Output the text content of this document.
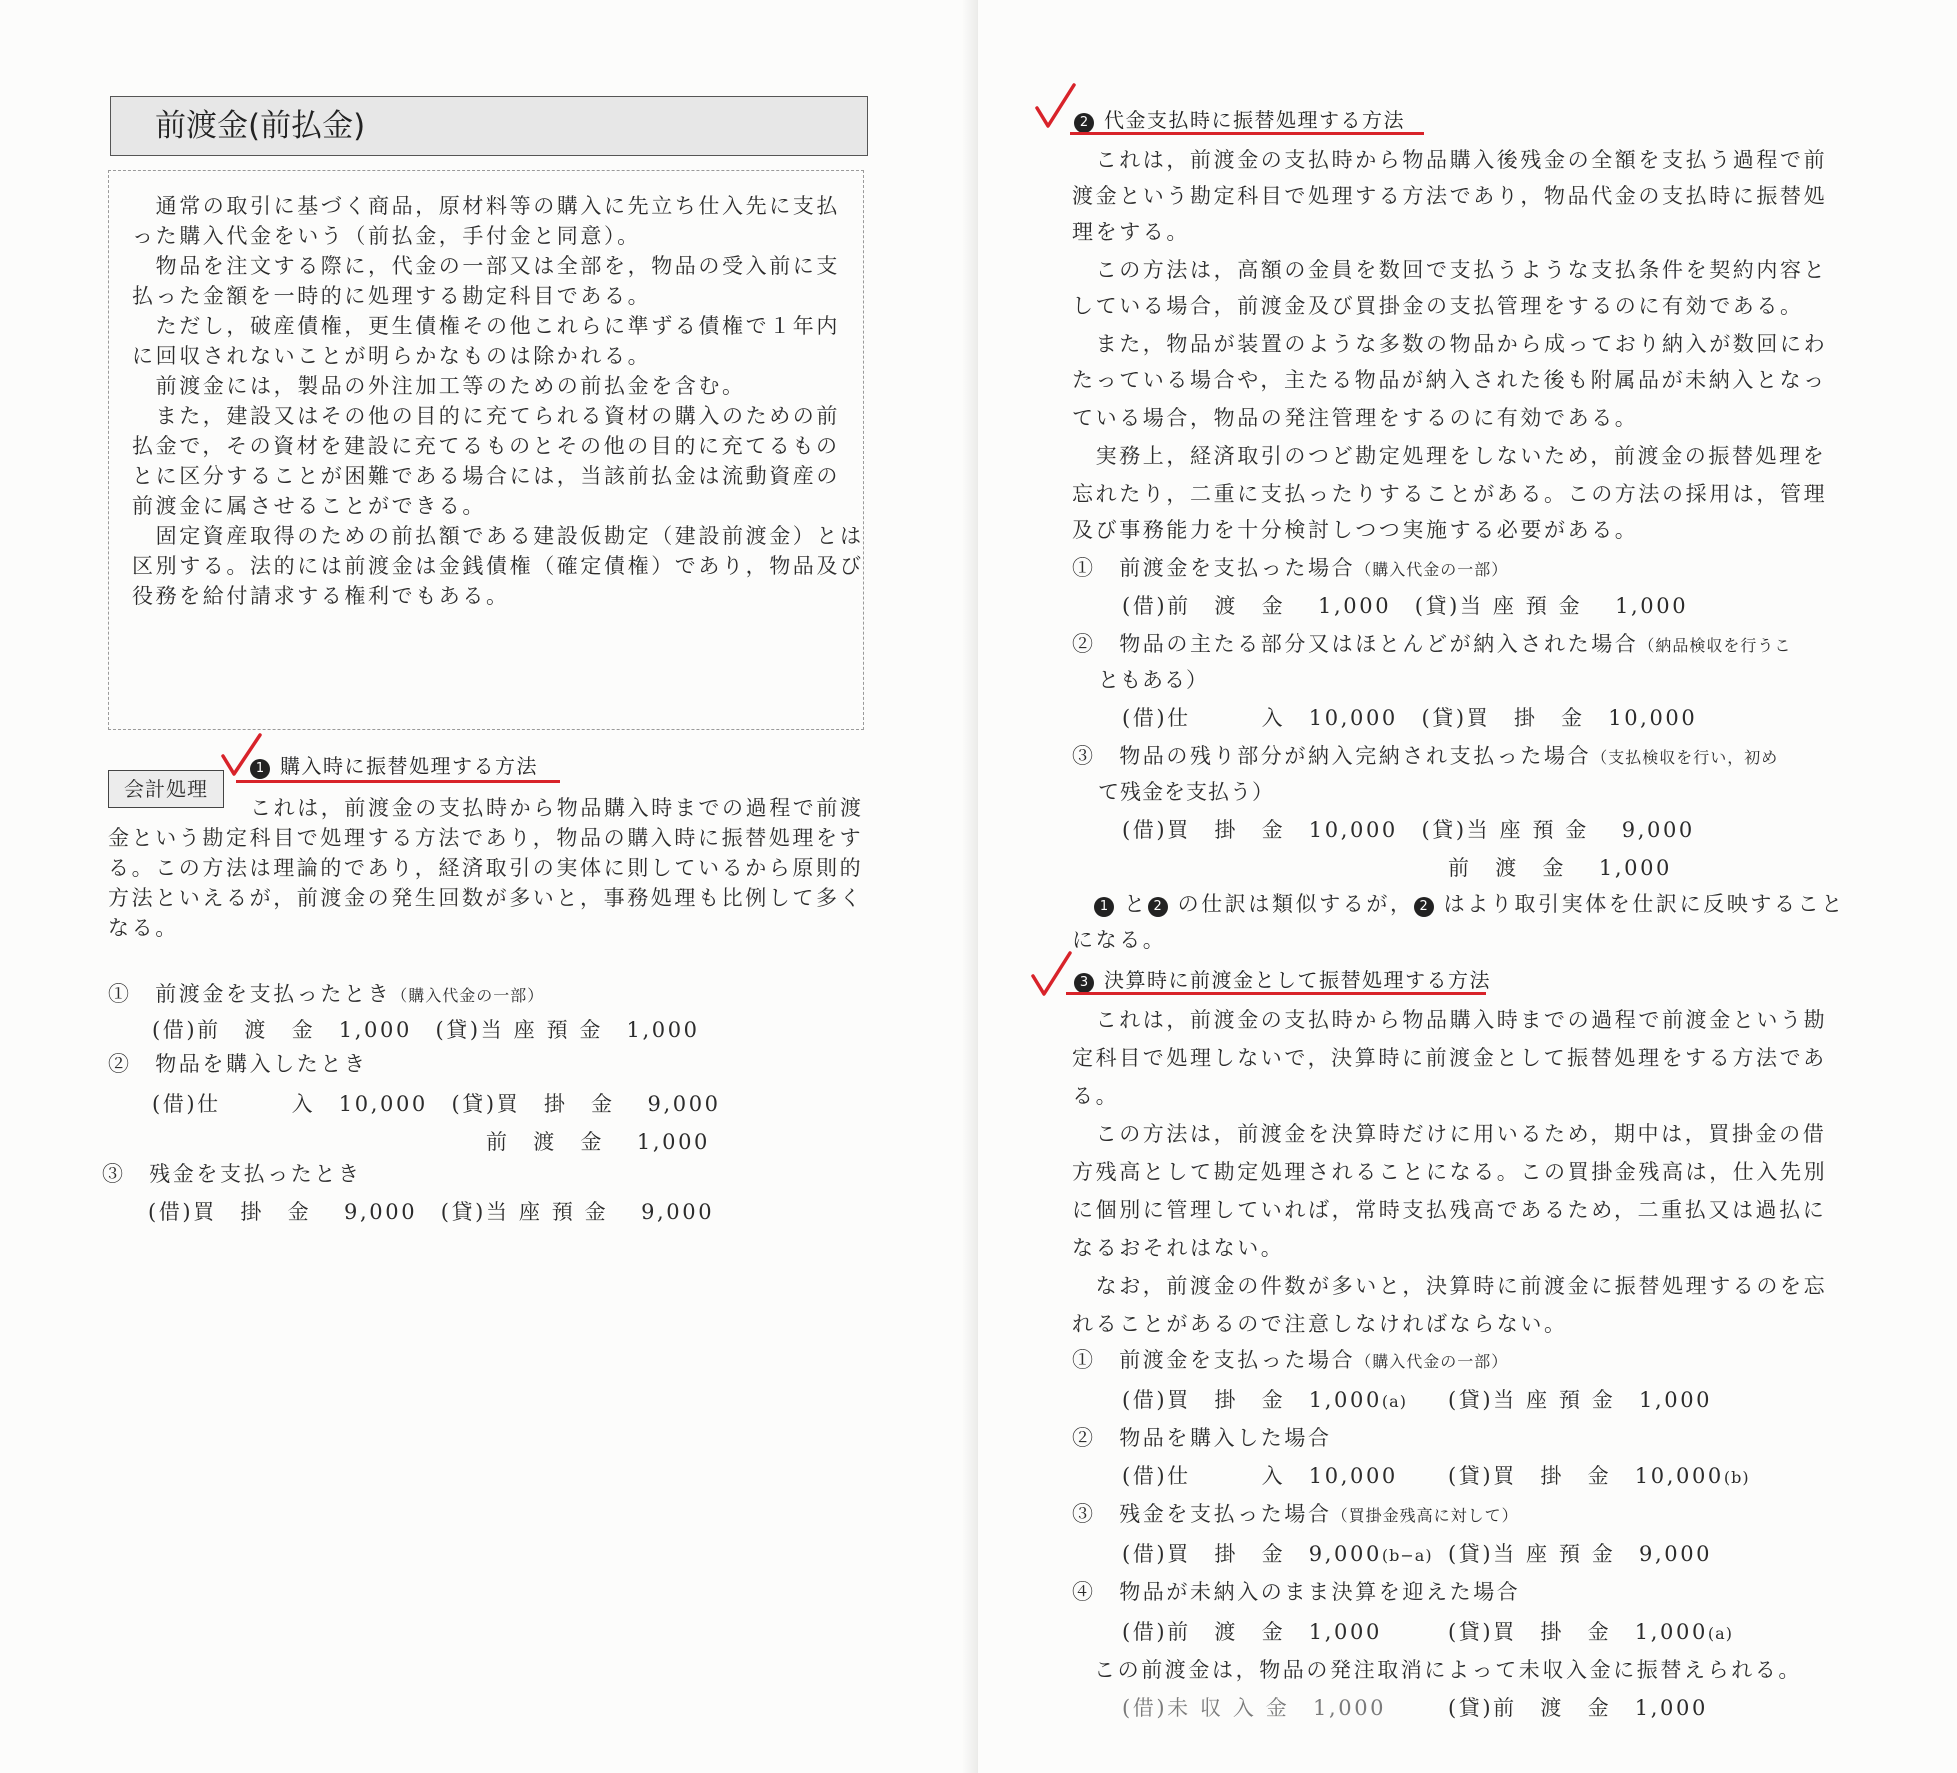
前渡金(前払金)

　通常の取引に基づく商品，原材料等の購入に先立ち仕入先に支払

った購入代金をいう（前払金，手付金と同意）。

　物品を注文する際に，代金の一部又は全部を，物品の受入前に支

払った金額を一時的に処理する勘定科目である。

　ただし，破産債権，更生債権その他これらに準ずる債権で１年内

に回収されないことが明らかなものは除かれる。

　前渡金には，製品の外注加工等のための前払金を含む。

　また，建設又はその他の目的に充てられる資材の購入のための前

払金で，その資材を建設に充てるものとその他の目的に充てるもの

とに区分することが困難である場合には，当該前払金は流動資産の

前渡金に属させることができる。

　固定資産取得のための前払額である建設仮勘定（建設前渡金）とは

区別する。法的には前渡金は金銭債権（確定債権）であり，物品及び

役務を給付請求する権利でもある。

会計処理

1 購入時に振替処理する方法

これは，前渡金の支払時から物品購入時までの過程で前渡

金という勘定科目で処理する方法であり，物品の購入時に振替処理をす

る。この方法は理論的であり，経済取引の実体に則しているから原則的

方法といえるが，前渡金の発生回数が多いと，事務処理も比例して多く

なる。

①　前渡金を支払ったとき（購入代金の一部）

(借)前　渡　金　1,000　(貸)当 座 預 金　1,000

②　物品を購入したとき

(借)仕　　　入　10,000　(貸)買　掛　金　 9,000

前　渡　金　 1,000

③　残金を支払ったとき

(借)買　掛　金　 9,000　(貸)当 座 預 金　 9,000

2 代金支払時に振替処理する方法

　これは，前渡金の支払時から物品購入後残金の全額を支払う過程で前

渡金という勘定科目で処理する方法であり，物品代金の支払時に振替処

理をする。

　この方法は，高額の金員を数回で支払うような支払条件を契約内容と

している場合，前渡金及び買掛金の支払管理をするのに有効である。

　また，物品が装置のような多数の物品から成っており納入が数回にわ

たっている場合や，主たる物品が納入された後も附属品が未納入となっ

ている場合，物品の発注管理をするのに有効である。

　実務上，経済取引のつど勘定処理をしないため，前渡金の振替処理を

忘れたり，二重に支払ったりすることがある。この方法の採用は，管理

及び事務能力を十分検討しつつ実施する必要がある。

①　前渡金を支払った場合（購入代金の一部）

(借)前　渡　金　 1,000　(貸)当 座 預 金　 1,000

②　物品の主たる部分又はほとんどが納入された場合（納品検収を行うこ

ともある）

(借)仕　　　入　10,000　(貸)買　掛　金　10,000

③　物品の残り部分が納入完納され支払った場合（支払検収を行い，初め

て残金を支払う）

(借)買　掛　金　10,000　(貸)当 座 預 金　 9,000

前　渡　金　 1,000

1 と 2 の仕訳は類似するが， 2 はより取引実体を仕訳に反映すること

になる。

3 決算時に前渡金として振替処理する方法

　これは，前渡金の支払時から物品購入時までの過程で前渡金という勘

定科目で処理しないで，決算時に前渡金として振替処理をする方法であ

る。

　この方法は，前渡金を決算時だけに用いるため，期中は，買掛金の借

方残高として勘定処理されることになる。この買掛金残高は，仕入先別

に個別に管理していれば，常時支払残高であるため，二重払又は過払に

なるおそれはない。

　なお，前渡金の件数が多いと，決算時に前渡金に振替処理するのを忘

れることがあるので注意しなければならない。

①　前渡金を支払った場合（購入代金の一部）

(借)買　掛　金　1,000(a) (貸)当 座 預 金　1,000

②　物品を購入した場合

(借)仕　　　入　10,000 (貸)買　掛　金　10,000(b)

③　残金を支払った場合（買掛金残高に対して）

(借)買　掛　金　9,000(b−a) (貸)当 座 預 金　9,000

④　物品が未納入のまま決算を迎えた場合

(借)前　渡　金　1,000	(貸)買　掛　金　1,000(a)

この前渡金は，物品の発注取消によって未収入金に振替えられる。

(借)未 収 入 金　1,000	(貸)前　渡　金　1,000
